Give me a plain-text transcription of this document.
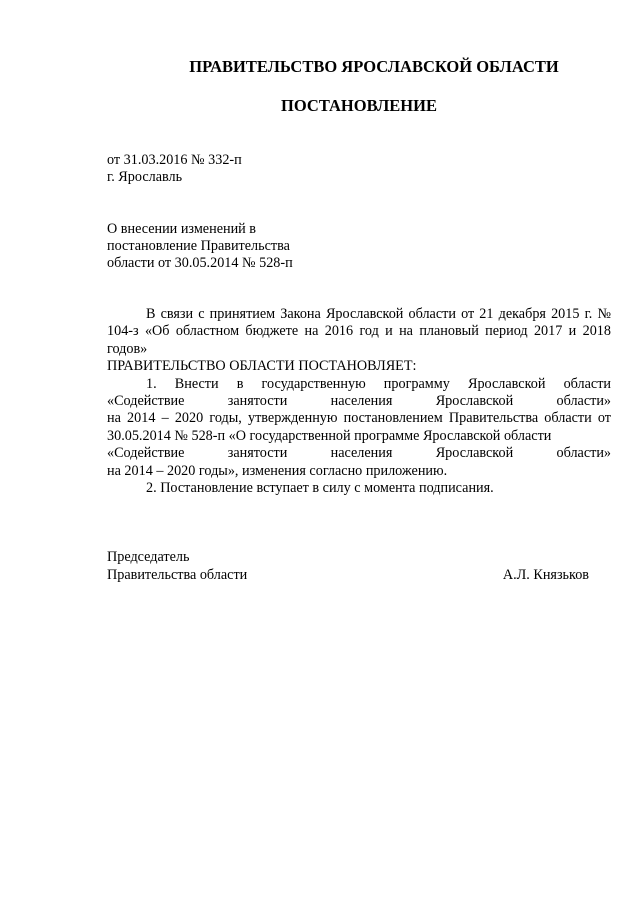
ПРАВИТЕЛЬСТВО ЯРОСЛАВСКОЙ ОБЛАСТИ
ПОСТАНОВЛЕНИЕ
от 31.03.2016 № 332-п
г. Ярославль
О внесении изменений в
постановление Правительства
области от 30.05.2014 № 528-п

В связи с принятием Закона Ярославской области от 21 декабря 2015 г. № 104-з «Об областном бюджете на 2016 год и на плановый период 2017 и 2018 годов»

ПРАВИТЕЛЬСТВО ОБЛАСТИ ПОСТАНОВЛЯЕТ:

1. Внести в государственную программу Ярославской области

«Содействие занятости населения Ярославской области»

на 2014 – 2020 годы, утвержденную постановлением Правительства области от 30.05.2014 № 528-п «О государственной программе Ярославской области

«Содействие занятости населения Ярославской области»

на 2014 – 2020 годы», изменения согласно приложению.

2. Постановление вступает в силу с момента подписания.

Председатель
Правительства области	А.Л. Князьков
